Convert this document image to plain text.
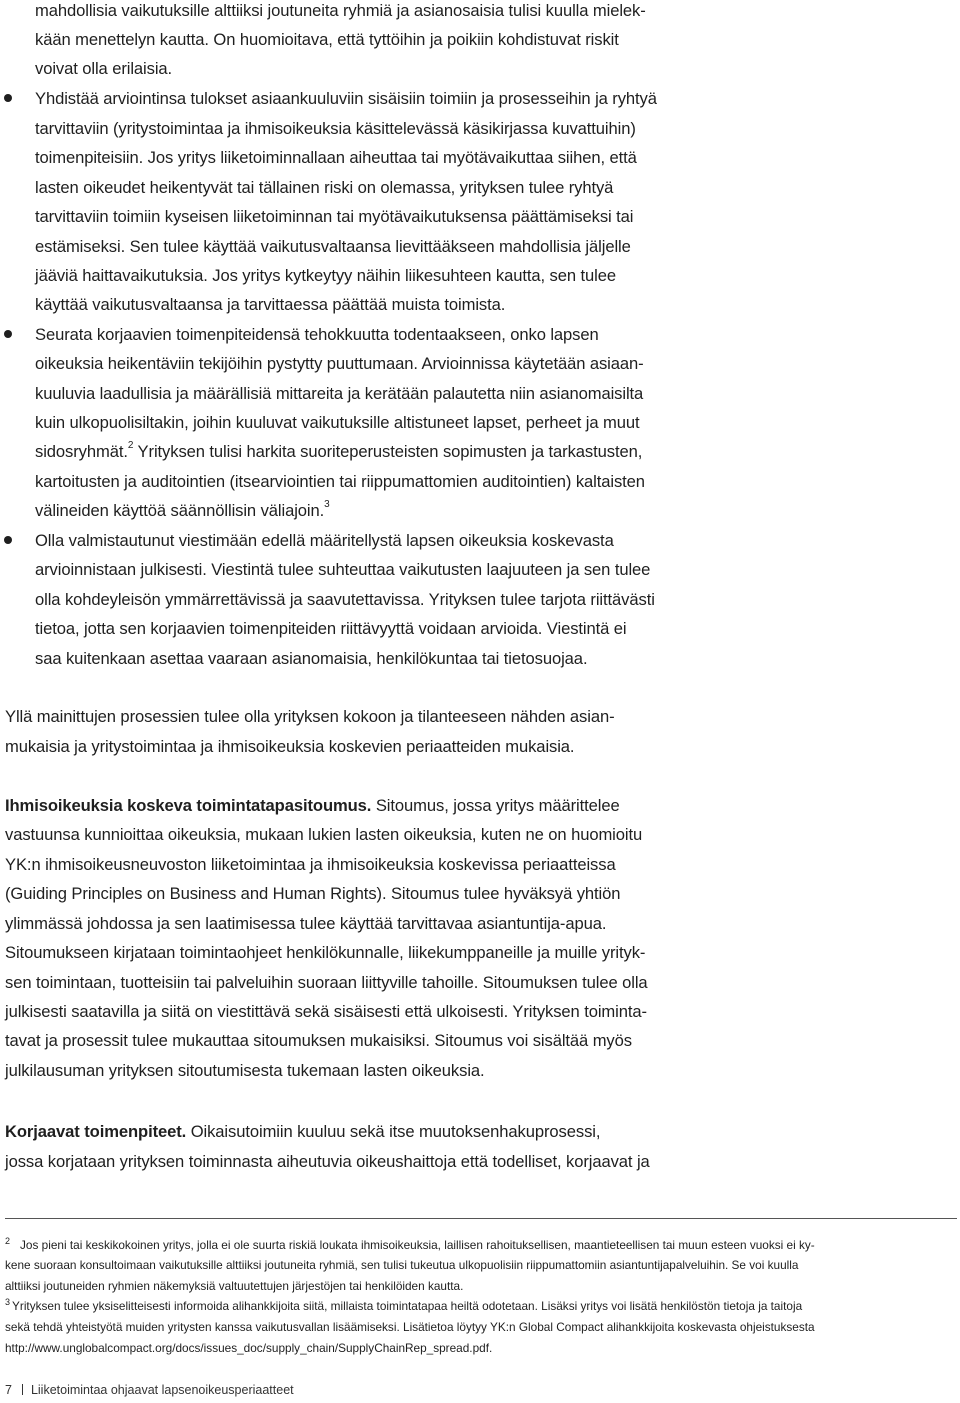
mahdollisia vaikutuksille alttiiksi joutuneita ryhmiä ja asianosaisia tulisi kuulla mielek-
kään menettelyn kautta. On huomioitava, että tyttöihin ja poikiin kohdistuvat riskit
voivat olla erilaisia.
Yhdistää arviointinsa tulokset asiaankuuluviin sisäisiin toimiin ja prosesseihin ja ryhtyä
tarvittaviin (yritystoimintaa ja ihmisoikeuksia käsittelevässä käsikirjassa kuvattuihin)
toimenpiteisiin. Jos yritys liiketoiminnallaan aiheuttaa tai myötävaikuttaa siihen, että
lasten oikeudet heikentyvät tai tällainen riski on olemassa, yrityksen tulee ryhtyä
tarvittaviin toimiin kyseisen liiketoiminnan tai myötävaikutuksensa päättämiseksi tai
estämiseksi. Sen tulee käyttää vaikutusvaltaansa lievittääkseen mahdollisia jäljelle
jääviä haittavaikutuksia. Jos yritys kytkeytyy näihin liikesuhteen kautta, sen tulee
käyttää vaikutusvaltaansa ja tarvittaessa päättää muista toimista.
Seurata korjaavien toimenpiteidensä tehokkuutta todentaakseen, onko lapsen
oikeuksia heikentäviin tekijöihin pystytty puuttumaan. Arvioinnissa käytetään asiaan-
kuuluvia laadullisia ja määrällisiä mittareita ja kerätään palautetta niin asianomaisilta
kuin ulkopuolisiltakin, joihin kuuluvat vaikutuksille altistuneet lapset, perheet ja muut
sidosryhmät.$^2$ Yrityksen tulisi harkita suoriteperusteisten sopimusten ja tarkastusten,
kartoitusten ja auditointien (itsearviointien tai riippumattomien auditointien) kaltaisten
välineiden käyttöä säännöllisin väliajoin.$^3$
Olla valmistautunut viestimään edellä määritellystä lapsen oikeuksia koskevasta
arvioinnistaan julkisesti. Viestintä tulee suhteuttaa vaikutusten laajuuteen ja sen tulee
olla kohdeyleisön ymmärrettävissä ja saavutettavissa. Yrityksen tulee tarjota riittävästi
tietoa, jotta sen korjaavien toimenpiteiden riittävyyttä voidaan arvioida. Viestintä ei
saa kuitenkaan asettaa vaaraan asianomaisia, henkilökuntaa tai tietosuojaa.
Yllä mainittujen prosessien tulee olla yrityksen kokoon ja tilanteeseen nähden asian-
mukaisia ja yritystoimintaa ja ihmisoikeuksia koskevien periaatteiden mukaisia.
Ihmisoikeuksia koskeva toimintatapasitoumus. Sitoumus, jossa yritys määrittelee
vastuunsa kunnioittaa oikeuksia, mukaan lukien lasten oikeuksia, kuten ne on huomioitu
YK:n ihmisoikeusneuvoston liiketoimintaa ja ihmisoikeuksia koskevissa periaatteissa
(Guiding Principles on Business and Human Rights). Sitoumus tulee hyväksyä yhtiön
ylimmässä johdossa ja sen laatimisessa tulee käyttää tarvittavaa asiantuntija-apua.
Sitoumukseen kirjataan toimintaohjeet henkilökunnalle, liikekumppaneille ja muille yrityk-
sen toimintaan, tuotteisiin tai palveluihin suoraan liittyville tahoille. Sitoumuksen tulee olla
julkisesti saatavilla ja siitä on viestittävä sekä sisäisesti että ulkoisesti. Yrityksen toiminta-
tavat ja prosessit tulee mukauttaa sitoumuksen mukaisiksi. Sitoumus voi sisältää myös
julkilausuman yrityksen sitoutumisesta tukemaan lasten oikeuksia.
Korjaavat toimenpiteet. Oikaisutoimiin kuuluu sekä itse muutoksenhakuprosessi,
jossa korjataan yrityksen toiminnasta aiheutuvia oikeushaittoja että todelliset, korjaavat ja
$^2$ Jos pieni tai keskikokoinen yritys, jolla ei ole suurta riskiä loukata ihmisoikeuksia, laillisen rahoituksellisen, maantieteellisen tai muun esteen vuoksi ei ky-
kene suoraan konsultoimaan vaikutuksille alttiiksi joutuneita ryhmiä, sen tulisi tukeutua ulkopuolisiin riippumattomiin asiantuntijapalveluihin. Se voi kuulla
alttiiksi joutuneiden ryhmien näkemyksiä valtuutettujen järjestöjen tai henkilöiden kautta.
$^3$ Yrityksen tulee yksiselitteisesti informoida alihankkijoita siitä, millaista toimintatapaa heiltä odotetaan. Lisäksi yritys voi lisätä henkilöstön tietoja ja taitoja
sekä tehdä yhteistyötä muiden yritysten kanssa vaikutusvallan lisäämiseksi. Lisätietoa löytyy YK:n Global Compact alihankkijoita koskevasta ohjeistuksesta
http://www.unglobalcompact.org/docs/issues_doc/supply_chain/SupplyChainRep_spread.pdf.
7 Liiketoimintaa ohjaavat lapsenoikeusperiaatteet
